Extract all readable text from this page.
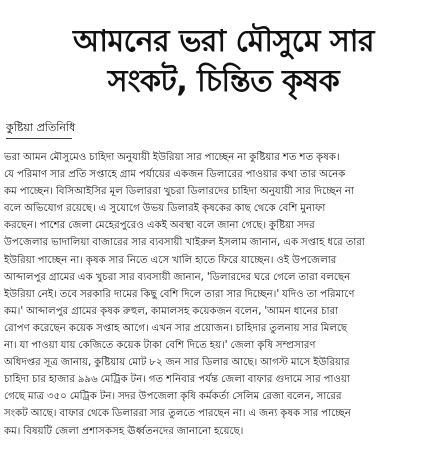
আমনের ভরা মৌসুমে সার
সংকট, চিন্তিত কৃষক
কুষ্টিয়া প্রতিনিধি
ভরা আমন মৌসুমেও চাহিদা অনুযায়ী ইউরিয়া সার পাচ্ছেন না কুষ্টিয়ার শত শত কৃষক।
যে পরিমাণ সার প্রতি সপ্তাহে গ্রাম পর্যায়ের একজন ডিলারের পাওয়ার কথা তার অনেক
কম পাচ্ছেন। বিসিআইসির মূল ডিলাররা খুচরা ডিলারদের চাহিদা অনুযায়ী সার দিচ্ছেন না
বলে অভিযোগ রয়েছে। এ সুযোগে উভয় ডিলারই কৃষকের কাছ থেকে বেশি মুনাফা
করছেন। পাশের জেলা মেহেরপুরেও একই অবস্থা বলে জানা গেছে। কুষ্টিয়া সদর
উপজেলার ভাদালিয়া বাজারের সার ব্যবসায়ী খাইরুল ইসলাম জানান, এক সপ্তাহ ধরে তারা
ইউরিয়া পাচ্ছেন না। কৃষক সার নিতে এসে খালি হাতে ফিরে যাচ্ছেন। ওই উপজেলার
আব্দালপুর গ্রামের এক খুচরা সার ব্যবসায়ী জানান, 'ডিলারদের ঘরে গেলে তারা বলছেন
ইউরিয়া নেই। তবে সরকারি দামের কিছু বেশি দিলে তারা সার দিচ্ছেন।' যদিও তা পরিমাণে
কম।' আব্দালপুর গ্রামের কৃষক রুহুল, কামালসহ কয়েকজন বলেন, 'আমন ধানের চারা
রোপণ করেছেন কয়েক সপ্তাহ আগে। এখন সার প্রয়োজন। চাহিদার তুলনায় সার মিলছে
না। যা পাওয়া যায় কেজিতে কয়েক টাকা বেশি দিতে হয়।' জেলা কৃষি সম্প্রসারণ
অধিদপ্তর সূত্র জানায়, কুষ্টিয়ায় মোট ৮২ জন সার ডিলার আছে। আগস্ট মাসে ইউরিয়ার
চাহিদা চার হাজার ৯৯৬ মেট্রিক টন। গত শনিবার পর্যন্ত জেলা বাফার গুদামে সার পাওয়া
গেছে মাত্র ৩৫০ মেট্রিক টন। সদর উপজেলা কৃষি কর্মকর্তা সেলিম রেজা বলেন, সারের
সংকট আছে। বাফার থেকে ডিলাররা সার তুলতে পারছেন না। এ জন্য কৃষক সার পাচ্ছেন
কম। বিষয়টি জেলা প্রশাসকসহ ঊর্ধ্বতনদের জানানো হয়েছে।
